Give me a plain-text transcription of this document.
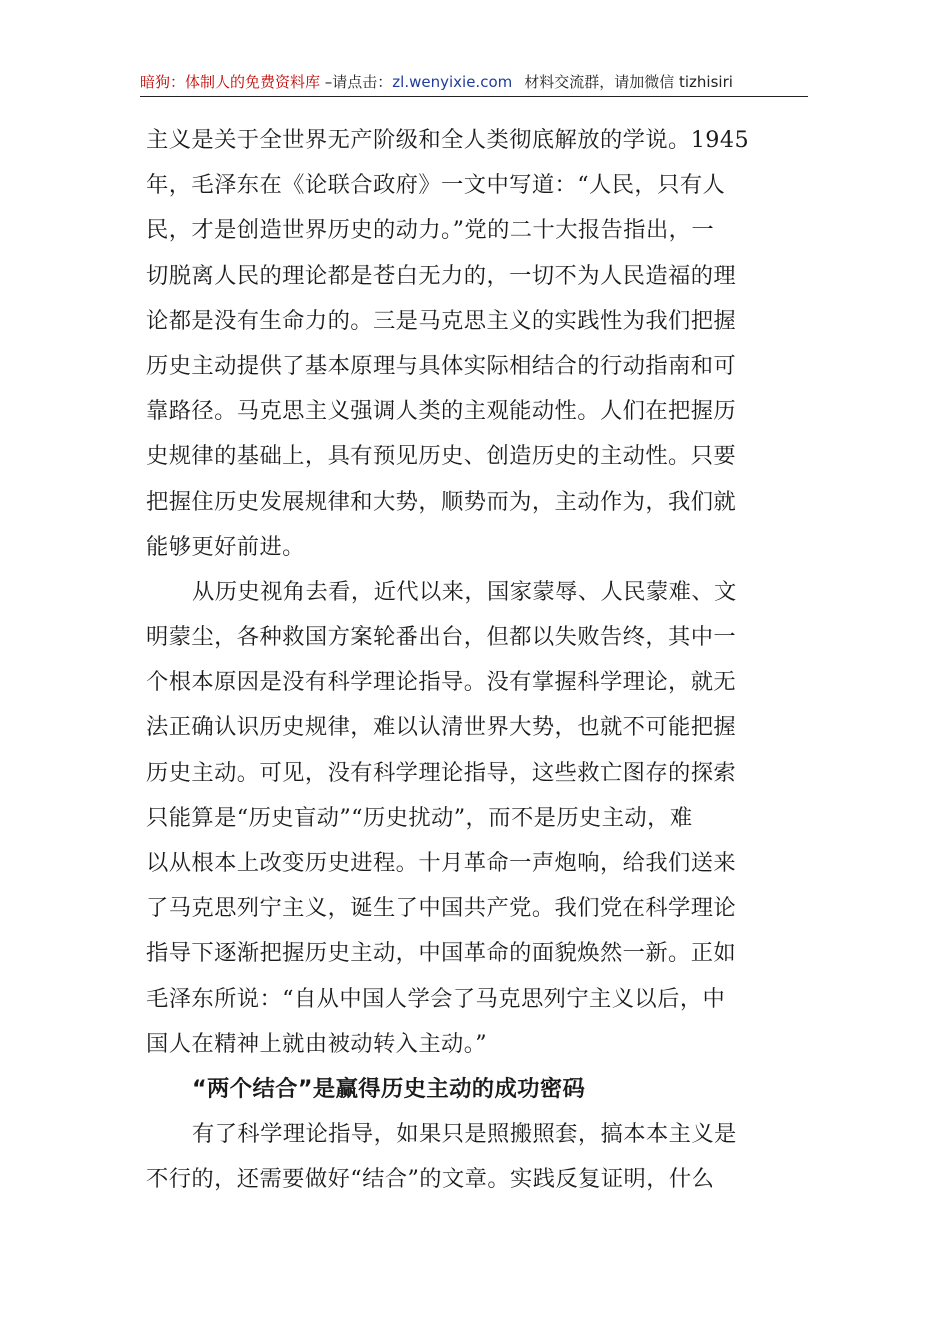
暗狗：体制人的免费资料库 –请点击：zl.wenyixie.com 材料交流群，请加微信 tizhisiri
主义是关于全世界无产阶级和全人类彻底解放的学说。1945
年，毛泽东在《论联合政府》一文中写道：“人民，只有人
民，才是创造世界历史的动力。”党的二十大报告指出，一
切脱离人民的理论都是苍白无力的，一切不为人民造福的理
论都是没有生命力的。三是马克思主义的实践性为我们把握
历史主动提供了基本原理与具体实际相结合的行动指南和可
靠路径。马克思主义强调人类的主观能动性。人们在把握历
史规律的基础上，具有预见历史、创造历史的主动性。只要
把握住历史发展规律和大势，顺势而为，主动作为，我们就
能够更好前进。
从历史视角去看，近代以来，国家蒙辱、人民蒙难、文
明蒙尘，各种救国方案轮番出台，但都以失败告终，其中一
个根本原因是没有科学理论指导。没有掌握科学理论，就无
法正确认识历史规律，难以认清世界大势，也就不可能把握
历史主动。可见，没有科学理论指导，这些救亡图存的探索
只能算是“历史盲动”“历史扰动”，而不是历史主动，难
以从根本上改变历史进程。十月革命一声炮响，给我们送来
了马克思列宁主义，诞生了中国共产党。我们党在科学理论
指导下逐渐把握历史主动，中国革命的面貌焕然一新。正如
毛泽东所说：“自从中国人学会了马克思列宁主义以后，中
国人在精神上就由被动转入主动。”
“两个结合”是赢得历史主动的成功密码
有了科学理论指导，如果只是照搬照套，搞本本主义是
不行的，还需要做好“结合”的文章。实践反复证明，什么
